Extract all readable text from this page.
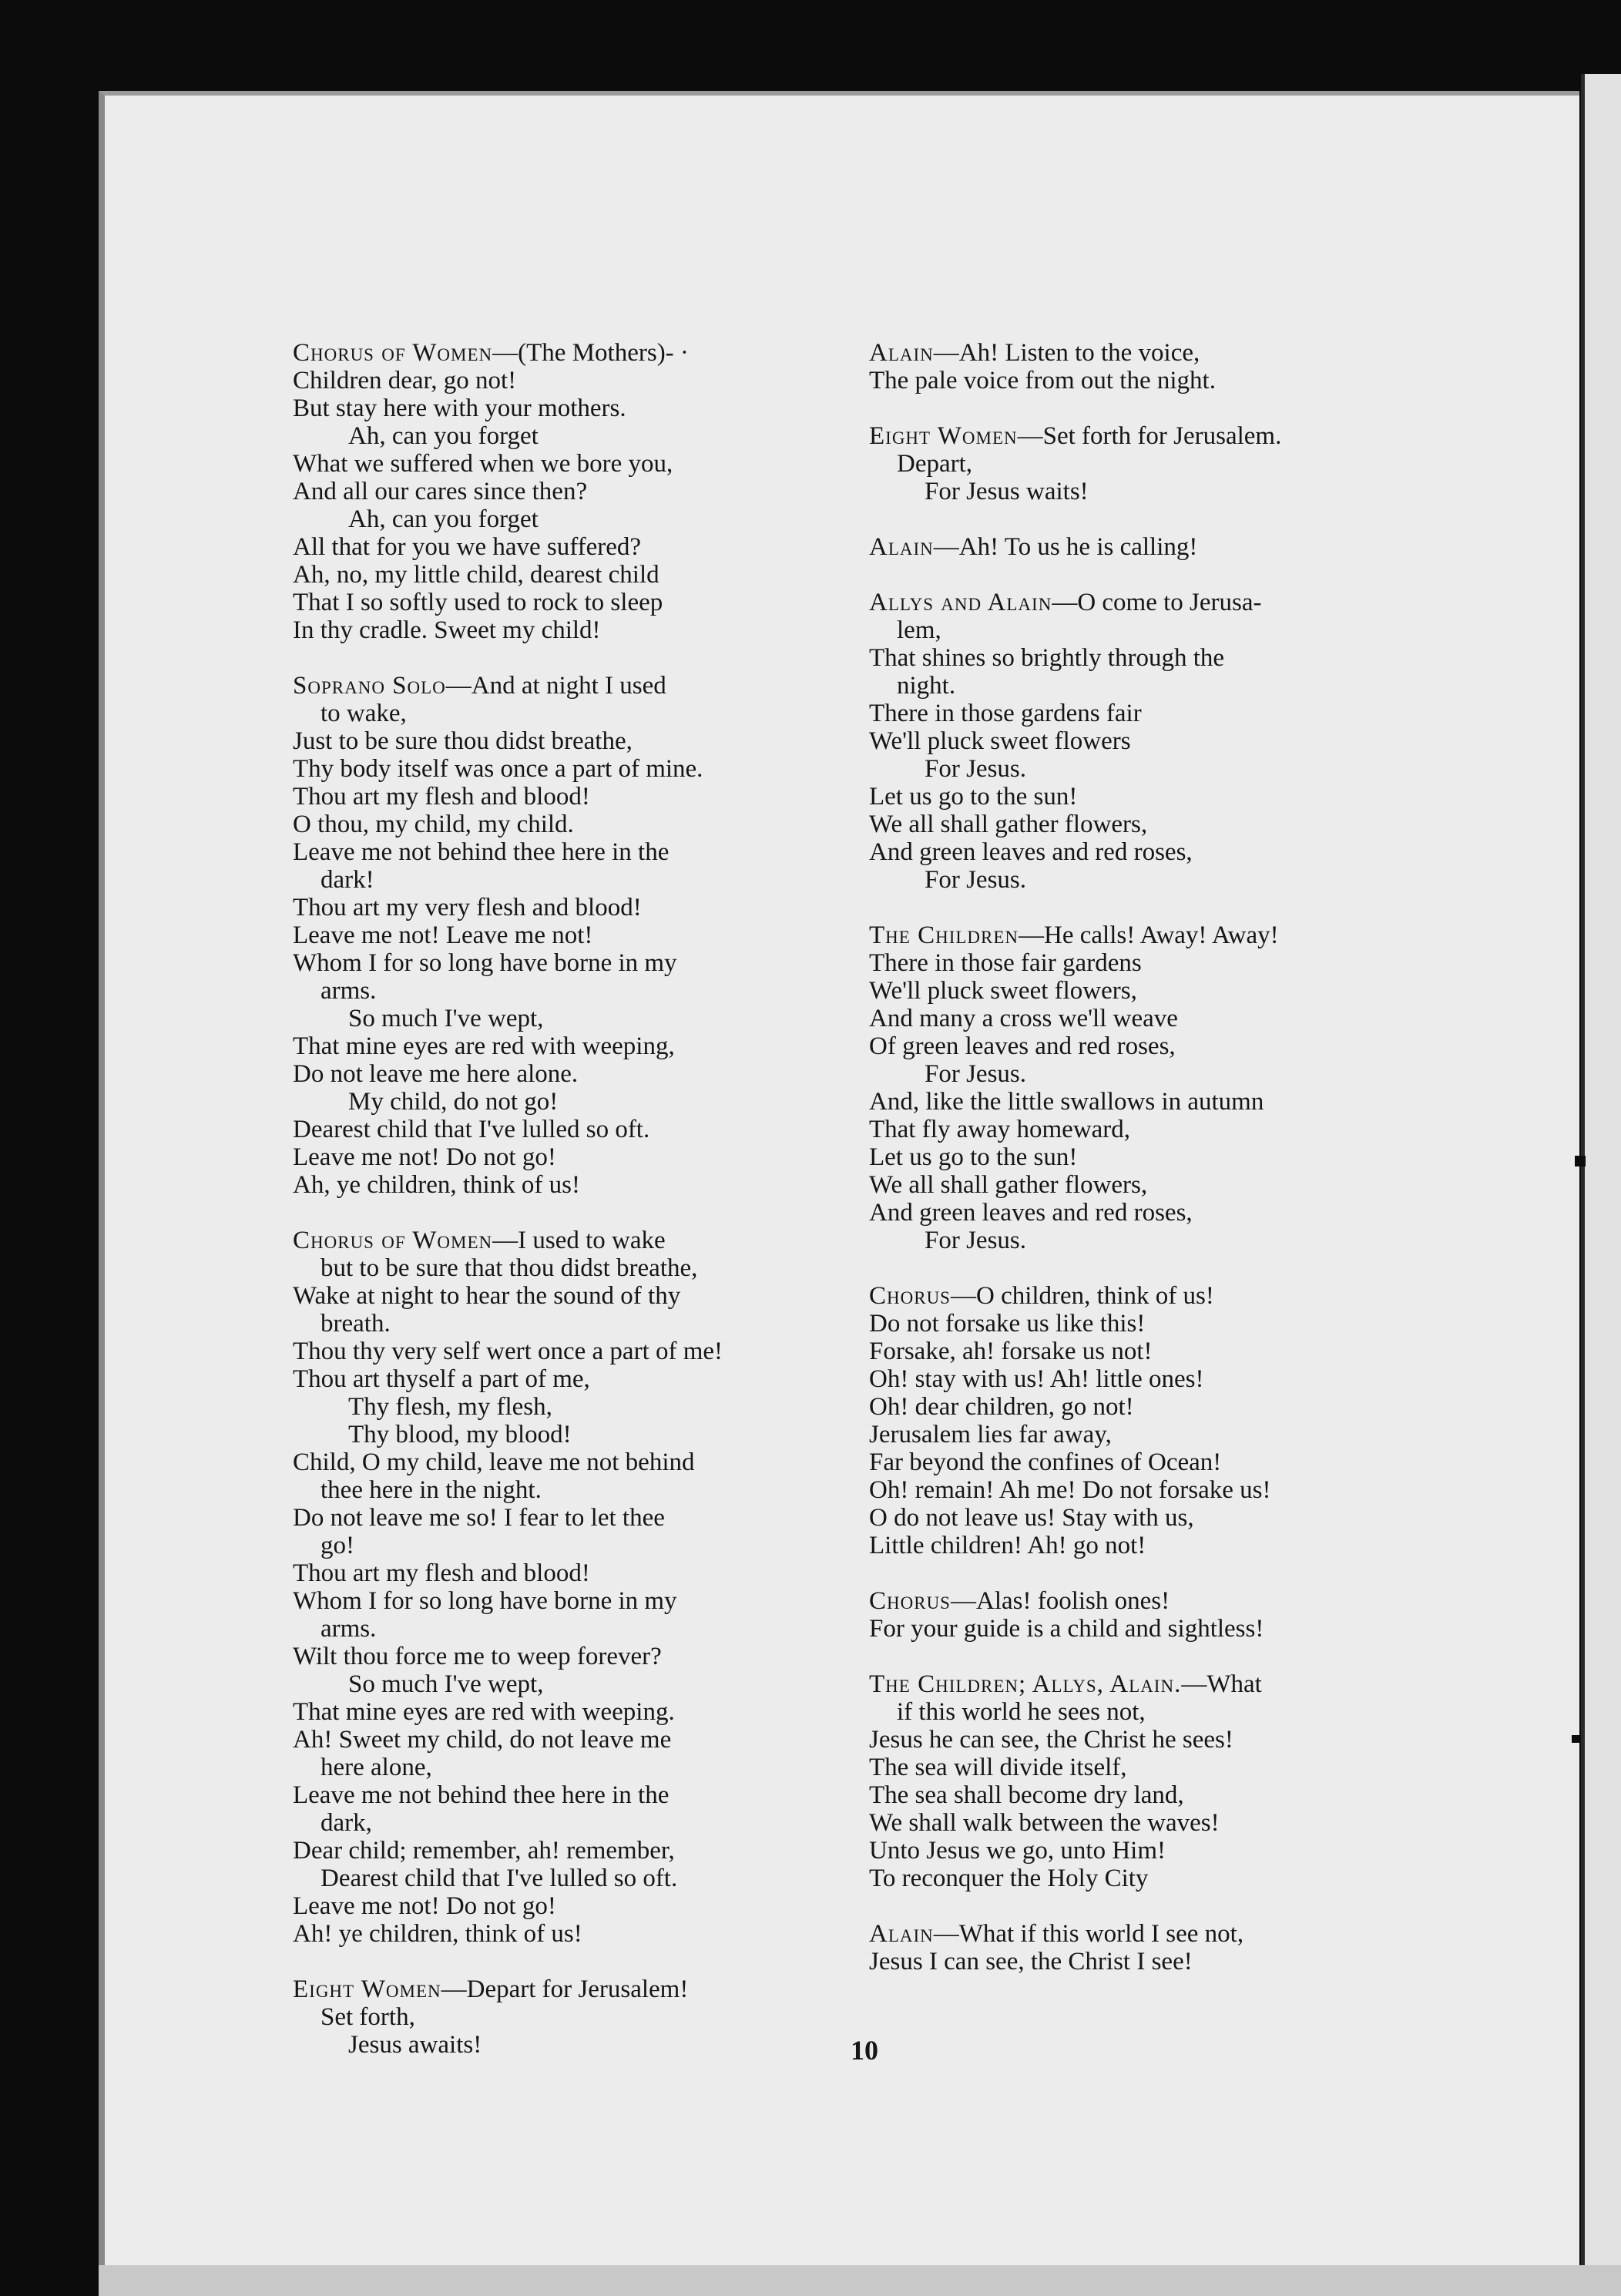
Chorus of Women—(The Mothers)- ·
Children dear, go not!
But stay here with your mothers.
Ah, can you forget
What we suffered when we bore you,
And all our cares since then?
Ah, can you forget
All that for you we have suffered?
Ah, no, my little child, dearest child
That I so softly used to rock to sleep
In thy cradle. Sweet my child!
Soprano Solo—And at night I used
to wake,
Just to be sure thou didst breathe,
Thy body itself was once a part of mine.
Thou art my flesh and blood!
O thou, my child, my child.
Leave me not behind thee here in the
dark!
Thou art my very flesh and blood!
Leave me not! Leave me not!
Whom I for so long have borne in my
arms.
So much I've wept,
That mine eyes are red with weeping,
Do not leave me here alone.
My child, do not go!
Dearest child that I've lulled so oft.
Leave me not! Do not go!
Ah, ye children, think of us!
Chorus of Women—I used to wake
but to be sure that thou didst breathe,
Wake at night to hear the sound of thy
breath.
Thou thy very self wert once a part of me!
Thou art thyself a part of me,
Thy flesh, my flesh,
Thy blood, my blood!
Child, O my child, leave me not behind
thee here in the night.
Do not leave me so! I fear to let thee
go!
Thou art my flesh and blood!
Whom I for so long have borne in my
arms.
Wilt thou force me to weep forever?
So much I've wept,
That mine eyes are red with weeping.
Ah! Sweet my child, do not leave me
here alone,
Leave me not behind thee here in the
dark,
Dear child; remember, ah! remember,
Dearest child that I've lulled so oft.
Leave me not! Do not go!
Ah! ye children, think of us!
Eight Women—Depart for Jerusalem!
Set forth,
Jesus awaits!
Alain—Ah! Listen to the voice,
The pale voice from out the night.
Eight Women—Set forth for Jerusalem.
Depart,
For Jesus waits!
Alain—Ah! To us he is calling!
Allys and Alain—O come to Jerusa-
lem,
That shines so brightly through the
night.
There in those gardens fair
We'll pluck sweet flowers
For Jesus.
Let us go to the sun!
We all shall gather flowers,
And green leaves and red roses,
For Jesus.
The Children—He calls! Away! Away!
There in those fair gardens
We'll pluck sweet flowers,
And many a cross we'll weave
Of green leaves and red roses,
For Jesus.
And, like the little swallows in autumn
That fly away homeward,
Let us go to the sun!
We all shall gather flowers,
And green leaves and red roses,
For Jesus.
Chorus—O children, think of us!
Do not forsake us like this!
Forsake, ah! forsake us not!
Oh! stay with us! Ah! little ones!
Oh! dear children, go not!
Jerusalem lies far away,
Far beyond the confines of Ocean!
Oh! remain! Ah me! Do not forsake us!
O do not leave us! Stay with us,
Little children! Ah! go not!
Chorus—Alas! foolish ones!
For your guide is a child and sightless!
The Children; Allys, Alain.—What
if this world he sees not,
Jesus he can see, the Christ he sees!
The sea will divide itself,
The sea shall become dry land,
We shall walk between the waves!
Unto Jesus we go, unto Him!
To reconquer the Holy City
Alain—What if this world I see not,
Jesus I can see, the Christ I see!
10
